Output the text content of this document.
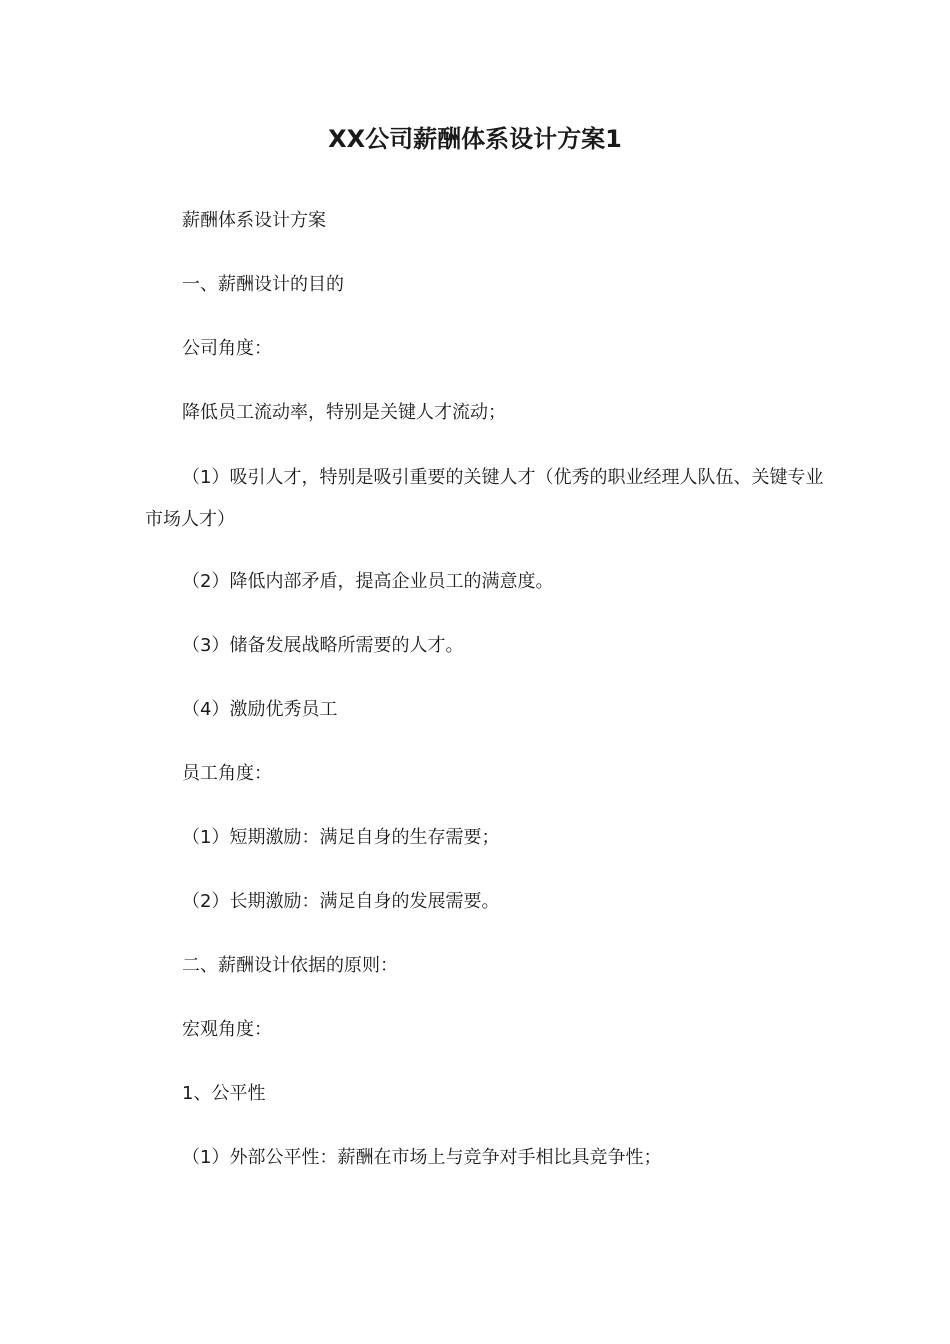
XX公司薪酬体系设计方案1

薪酬体系设计方案

一、薪酬设计的目的

公司角度：

降低员工流动率，特别是关键人才流动；

（1）吸引人才，特别是吸引重要的关键人才（优秀的职业经理人队伍、关键专业市场人才）

（2）降低内部矛盾，提高企业员工的满意度。

（3）储备发展战略所需要的人才。

（4）激励优秀员工

员工角度：

（1）短期激励：满足自身的生存需要；

（2）长期激励：满足自身的发展需要。

二、薪酬设计依据的原则：

宏观角度：

1、公平性

（1）外部公平性：薪酬在市场上与竞争对手相比具竞争性；
